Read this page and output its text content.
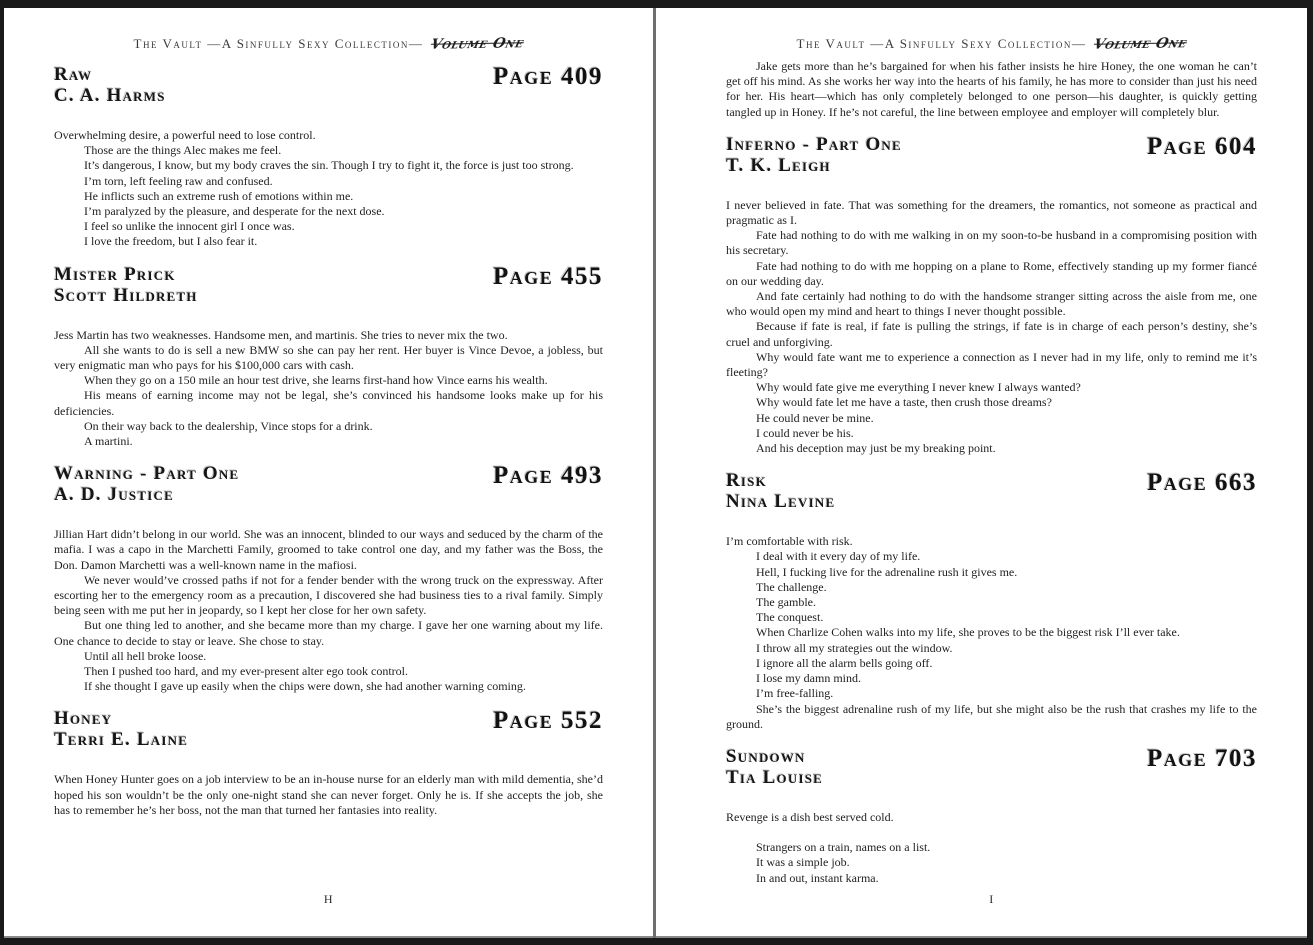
The Vault —A Sinfully Sexy Collection— Volume One
Raw
C. A. Harms
Page 409

Overwhelming desire, a powerful need to lose control.

Those are the things Alec makes me feel.

It’s dangerous, I know, but my body craves the sin. Though I try to fight it, the force is just too strong.

I’m torn, left feeling raw and confused.

He inflicts such an extreme rush of emotions within me.

I’m paralyzed by the pleasure, and desperate for the next dose.

I feel so unlike the innocent girl I once was.

I love the freedom, but I also fear it.

Mister Prick
Scott Hildreth
Page 455

Jess Martin has two weaknesses. Handsome men, and martinis. She tries to never mix the two.

All she wants to do is sell a new BMW so she can pay her rent. Her buyer is Vince Devoe, a jobless, but very enigmatic man who pays for his $100,000 cars with cash.

When they go on a 150 mile an hour test drive, she learns first-hand how Vince earns his wealth.

His means of earning income may not be legal, she’s convinced his handsome looks make up for his deficiencies.

On their way back to the dealership, Vince stops for a drink.

A martini.

Warning - Part One
A. D. Justice
Page 493

Jillian Hart didn’t belong in our world. She was an innocent, blinded to our ways and seduced by the charm of the mafia. I was a capo in the Marchetti Family, groomed to take control one day, and my father was the Boss, the Don. Damon Marchetti was a well-known name in the mafiosi.

We never would’ve crossed paths if not for a fender bender with the wrong truck on the expressway. After escorting her to the emergency room as a precaution, I discovered she had business ties to a rival family. Simply being seen with me put her in jeopardy, so I kept her close for her own safety.

But one thing led to another, and she became more than my charge. I gave her one warning about my life. One chance to decide to stay or leave. She chose to stay.

Until all hell broke loose.

Then I pushed too hard, and my ever-present alter ego took control.

If she thought I gave up easily when the chips were down, she had another warning coming.

Honey
Terri E. Laine
Page 552

When Honey Hunter goes on a job interview to be an in-house nurse for an elderly man with mild dementia, she’d hoped his son wouldn’t be the only one-night stand she can never forget. Only he is. If she accepts the job, she has to remember he’s her boss, not the man that turned her fantasies into reality.

H
The Vault —A Sinfully Sexy Collection— Volume One

Jake gets more than he’s bargained for when his father insists he hire Honey, the one woman he can’t get off his mind. As she works her way into the hearts of his family, he has more to consider than just his need for her. His heart—which has only completely belonged to one person—his daughter, is quickly getting tangled up in Honey. If he’s not careful, the line between employee and employer will completely blur.

Inferno - Part One
T. K. Leigh
Page 604

I never believed in fate. That was something for the dreamers, the romantics, not someone as practical and pragmatic as I.

Fate had nothing to do with me walking in on my soon-to-be husband in a compromising position with his secretary.

Fate had nothing to do with me hopping on a plane to Rome, effectively standing up my former fiancé on our wedding day.

And fate certainly had nothing to do with the handsome stranger sitting across the aisle from me, one who would open my mind and heart to things I never thought possible.

Because if fate is real, if fate is pulling the strings, if fate is in charge of each person’s destiny, she’s cruel and unforgiving.

Why would fate want me to experience a connection as I never had in my life, only to remind me it’s fleeting?

Why would fate give me everything I never knew I always wanted?

Why would fate let me have a taste, then crush those dreams?

He could never be mine.

I could never be his.

And his deception may just be my breaking point.

Risk
Nina Levine
Page 663

I’m comfortable with risk.

I deal with it every day of my life.

Hell, I fucking live for the adrenaline rush it gives me.

The challenge.

The gamble.

The conquest.

When Charlize Cohen walks into my life, she proves to be the biggest risk I’ll ever take.

I throw all my strategies out the window.

I ignore all the alarm bells going off.

I lose my damn mind.

I’m free-falling.

She’s the biggest adrenaline rush of my life, but she might also be the rush that crashes my life to the ground.

Sundown
Tia Louise
Page 703

Revenge is a dish best served cold.

Strangers on a train, names on a list.

It was a simple job.

In and out, instant karma.

I
